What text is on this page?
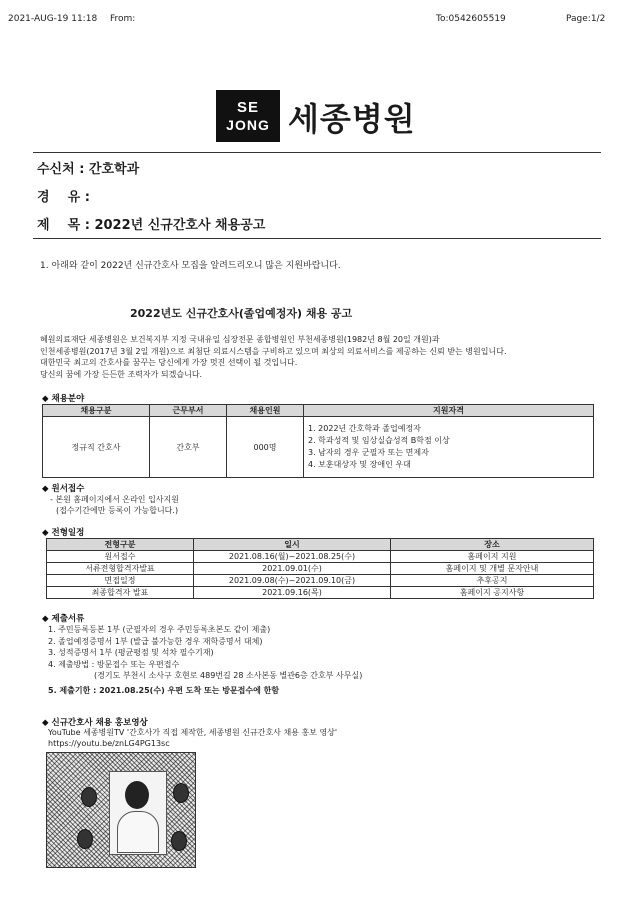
2021-AUG-19 11:18 From:	To:0542605519	Page:1/2
SE
JONG 세종병원
수신처 : 간호학과
경    유 :
제    목 : 2022년 신규간호사 채용공고
1. 아래와 같이 2022년 신규간호사 모집을 알려드리오니 많은 지원바랍니다.
2022년도 신규간호사(졸업예정자) 채용 공고
혜원의료재단 세종병원은 보건복지부 지정 국내유일 심장전문 종합병원인 부천세종병원(1982년 8월 20일 개원)과
인천세종병원(2017년 3월 2일 개원)으로 최첨단 의료시스템을 구비하고 있으며 최상의 의료서비스를 제공하는 신뢰 받는 병원입니다.
대한민국 최고의 간호사를 꿈꾸는 당신에게 가장 멋진 선택이 될 것입니다.
당신의 꿈에 가장 든든한 조력자가 되겠습니다.
◆ 채용분야
채용구분	근무부서	채용인원	지원자격
정규직 간호사	간호부	000명	1. 2022년 간호학과 졸업예정자
2. 학과성적 및 임상실습성적 B학점 이상
3. 남자의 경우 군필자 또는 면제자
4. 보훈대상자 및 장애인 우대
◆ 원서접수
- 본원 홈페이지에서 온라인 입사지원
(접수기간에만 등록이 가능합니다.)
◆ 전형일정
전형구분	일시	장소
원서접수	2021.08.16(월)~2021.08.25(수)	홈페이지 지원
서류전형합격자발표	2021.09.01(수)	홈페이지 및 개별 문자안내
면접일정	2021.09.08(수)~2021.09.10(금)	추후공지
최종합격자 발표	2021.09.16(목)	홈페이지 공지사항
◆ 제출서류
1. 주민등록등본 1부 (군필자의 경우 주민등록초본도 같이 제출)
2. 졸업예정증명서 1부 (발급 불가능한 경우 재학증명서 대체)
3. 성적증명서 1부 (평균평점 및 석차 필수기재)
4. 제출방법 : 방문접수 또는 우편접수
(경기도 부천시 소사구 호현로 489번길 28 소사본동 별관6층 간호부 사무실)
5. 제출기한 : 2021.08.25(수) 우편 도착 또는 방문접수에 한함
◆ 신규간호사 채용 홍보영상
YouTube 세종병원TV '간호사가 직접 제작한, 세종병원 신규간호사 채용 홍보 영상'
https://youtu.be/znLG4PG13sc
